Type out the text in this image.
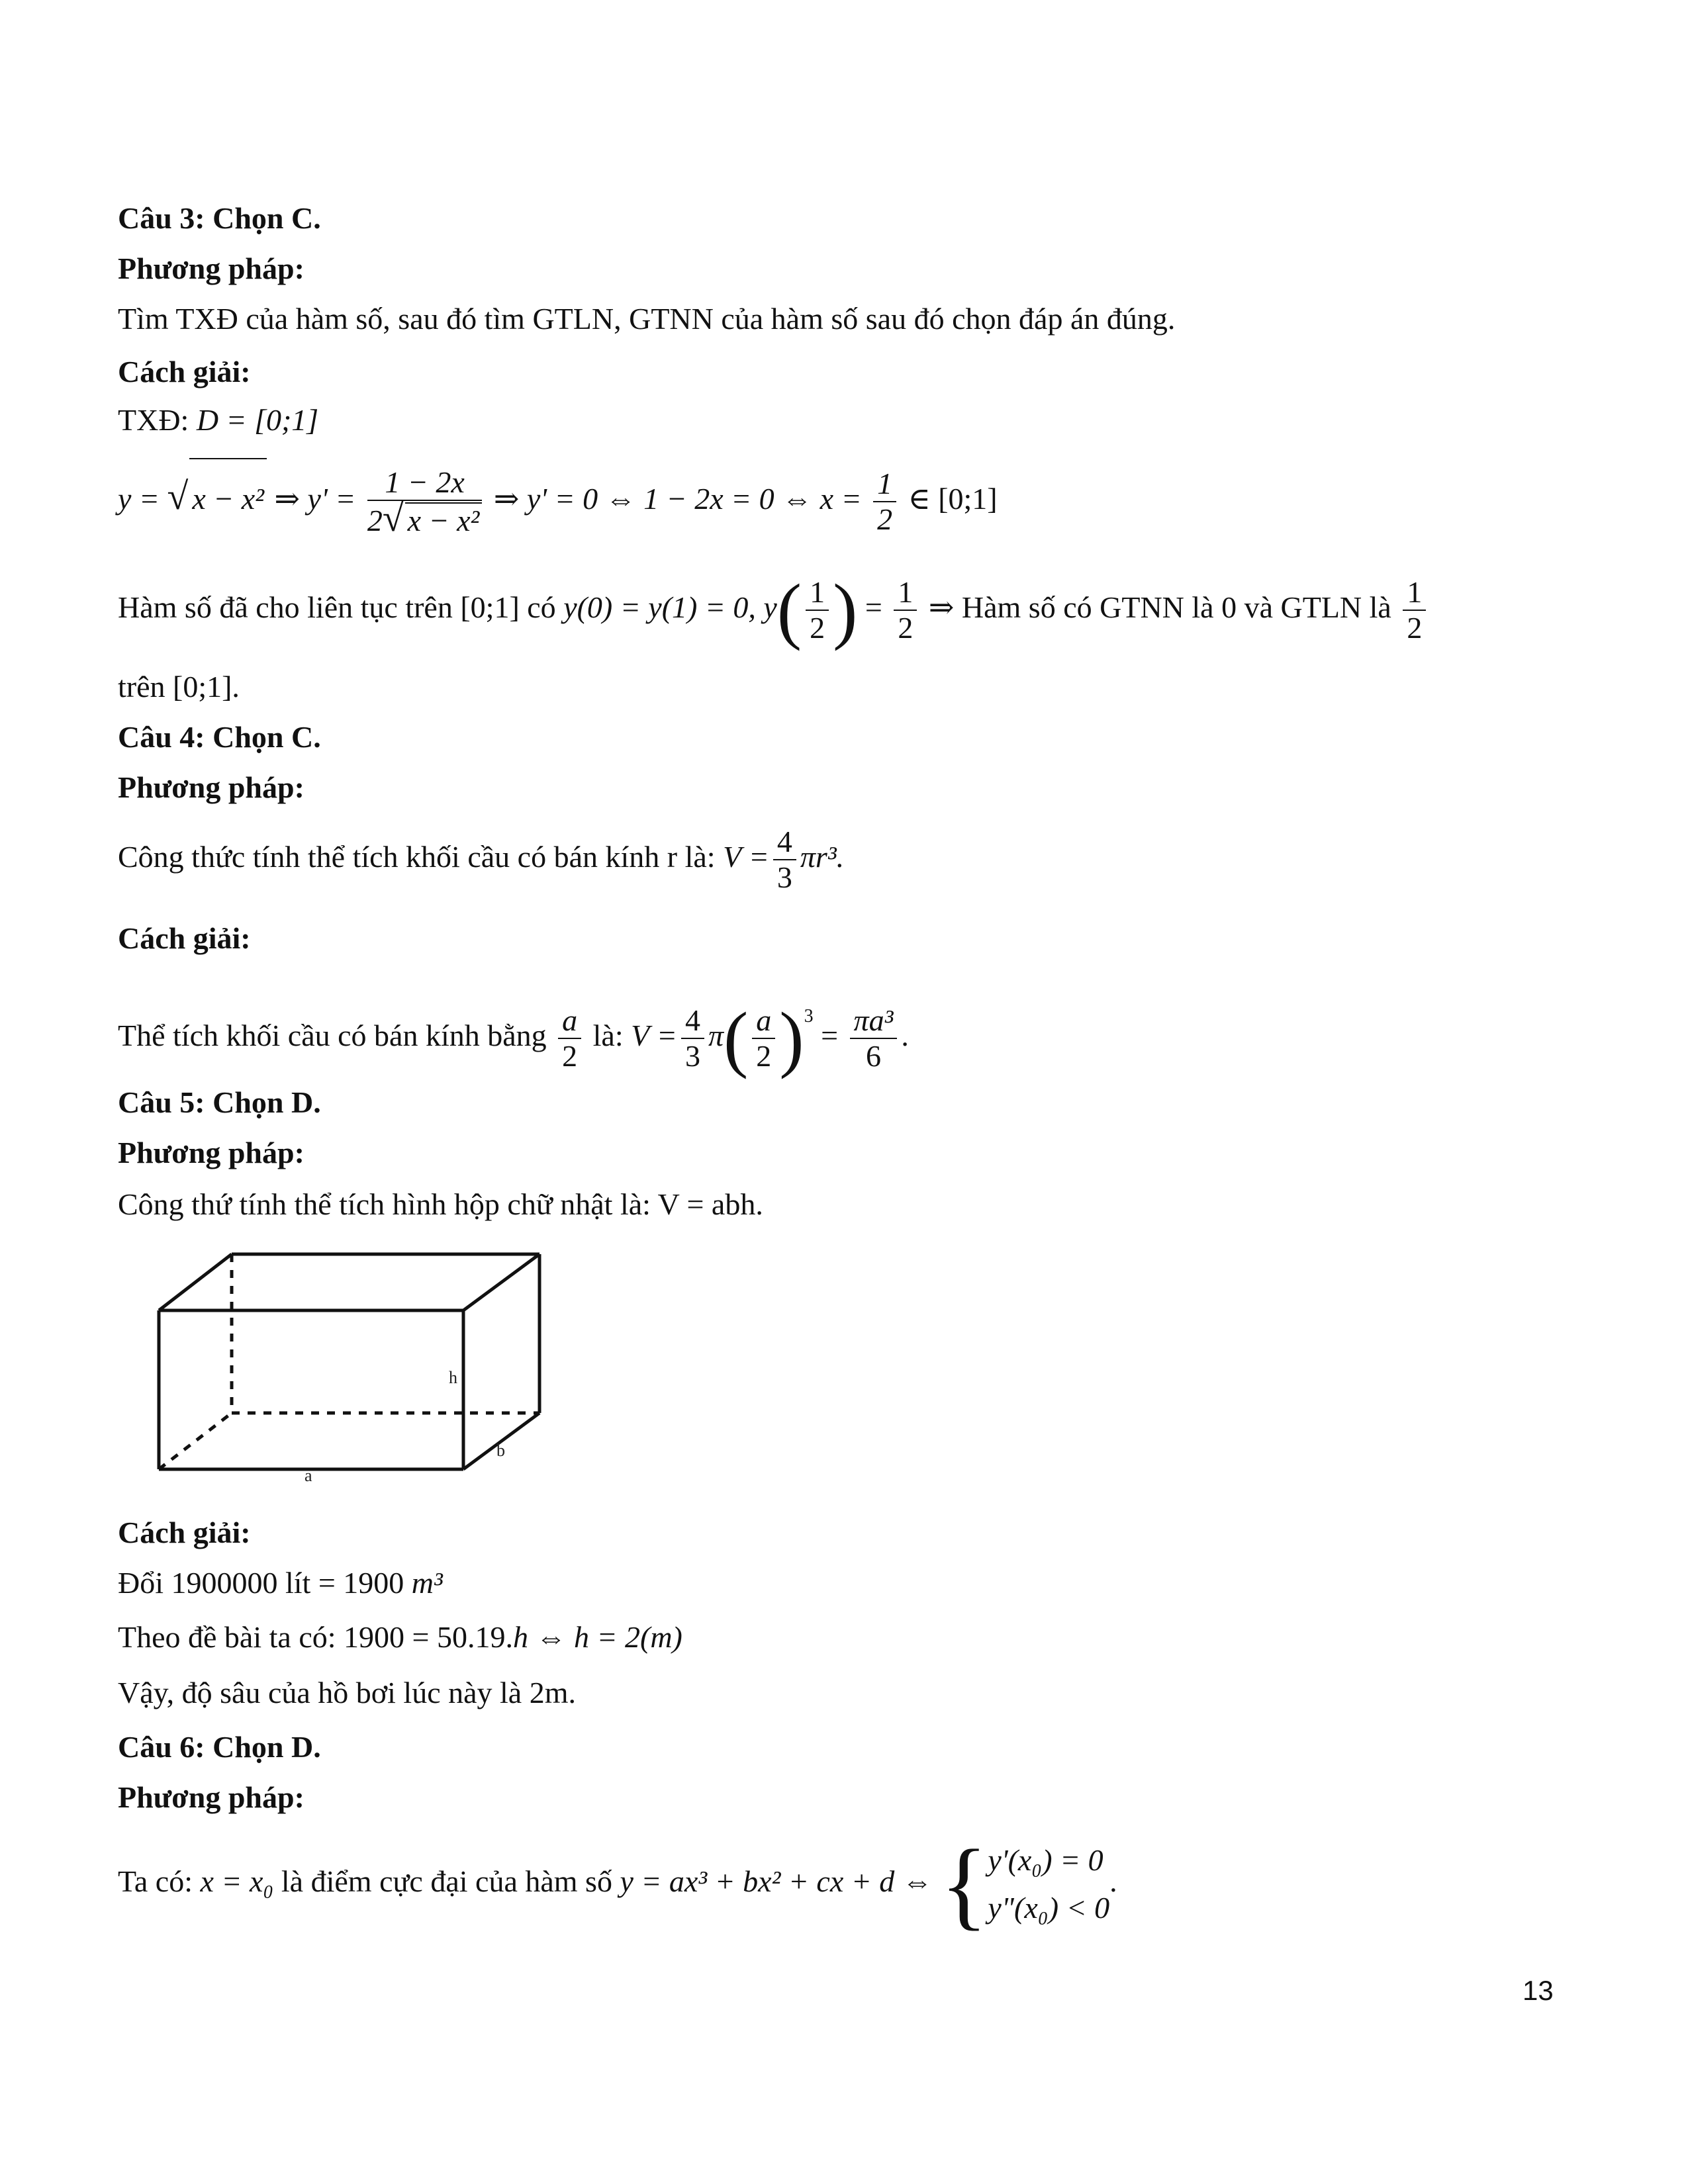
Câu 3: Chọn C.
Phương pháp:
Tìm TXĐ của hàm số, sau đó tìm GTLN, GTNN của hàm số sau đó chọn đáp án đúng.
Cách giải:
TXĐ: D = [0;1]
y = √ x − x² ⇒ $y' = \frac{1 - 2x}{\text{2√ x − x²}}$ ⇒ y' = 0 ⇔ 1 − 2x = 0 ⇔ $x = \frac{1}{2}$ ∈ [0;1]
Hàm số đã cho liên tục trên [0;1] có y(0) = y(1) = 0, $y( \frac{1}{2}$ ) = $\frac{1}{2}$ ⇒ Hàm số có GTNN là 0 và GTLN là $\frac{1}{2}$
trên [0;1].
Câu 4: Chọn C.
Phương pháp:
Công thức tính thể tích khối cầu có bán kính r là: $V = \frac{4}{3} \pi r^3$.
Cách giải:
Thể tích khối cầu có bán kính bằng $\frac{a}{2}$ là: $V = \frac{4}{3} \pi( \frac{a}{2} )^3 = \frac{\text{πa³}}{6}$ .
Câu 5: Chọn D.
Phương pháp:
Công thứ tính thể tích hình hộp chữ nhật là: V = abh.
h
a
b
Cách giải:
Đổi 1900000 lít = 1900 m³
Theo đề bài ta có: 1900 = 50.19.h ⇔ h = 2(m)
Vậy, độ sâu của hồ bơi lúc này là 2m.
Câu 6: Chọn D.
Phương pháp:
Ta có: x = x₀ là điểm cực đại của hàm số y = ax³ + bx² + cx + d ⇔ { y'(x₀) = 0
y"(x₀) < 0
.
13
